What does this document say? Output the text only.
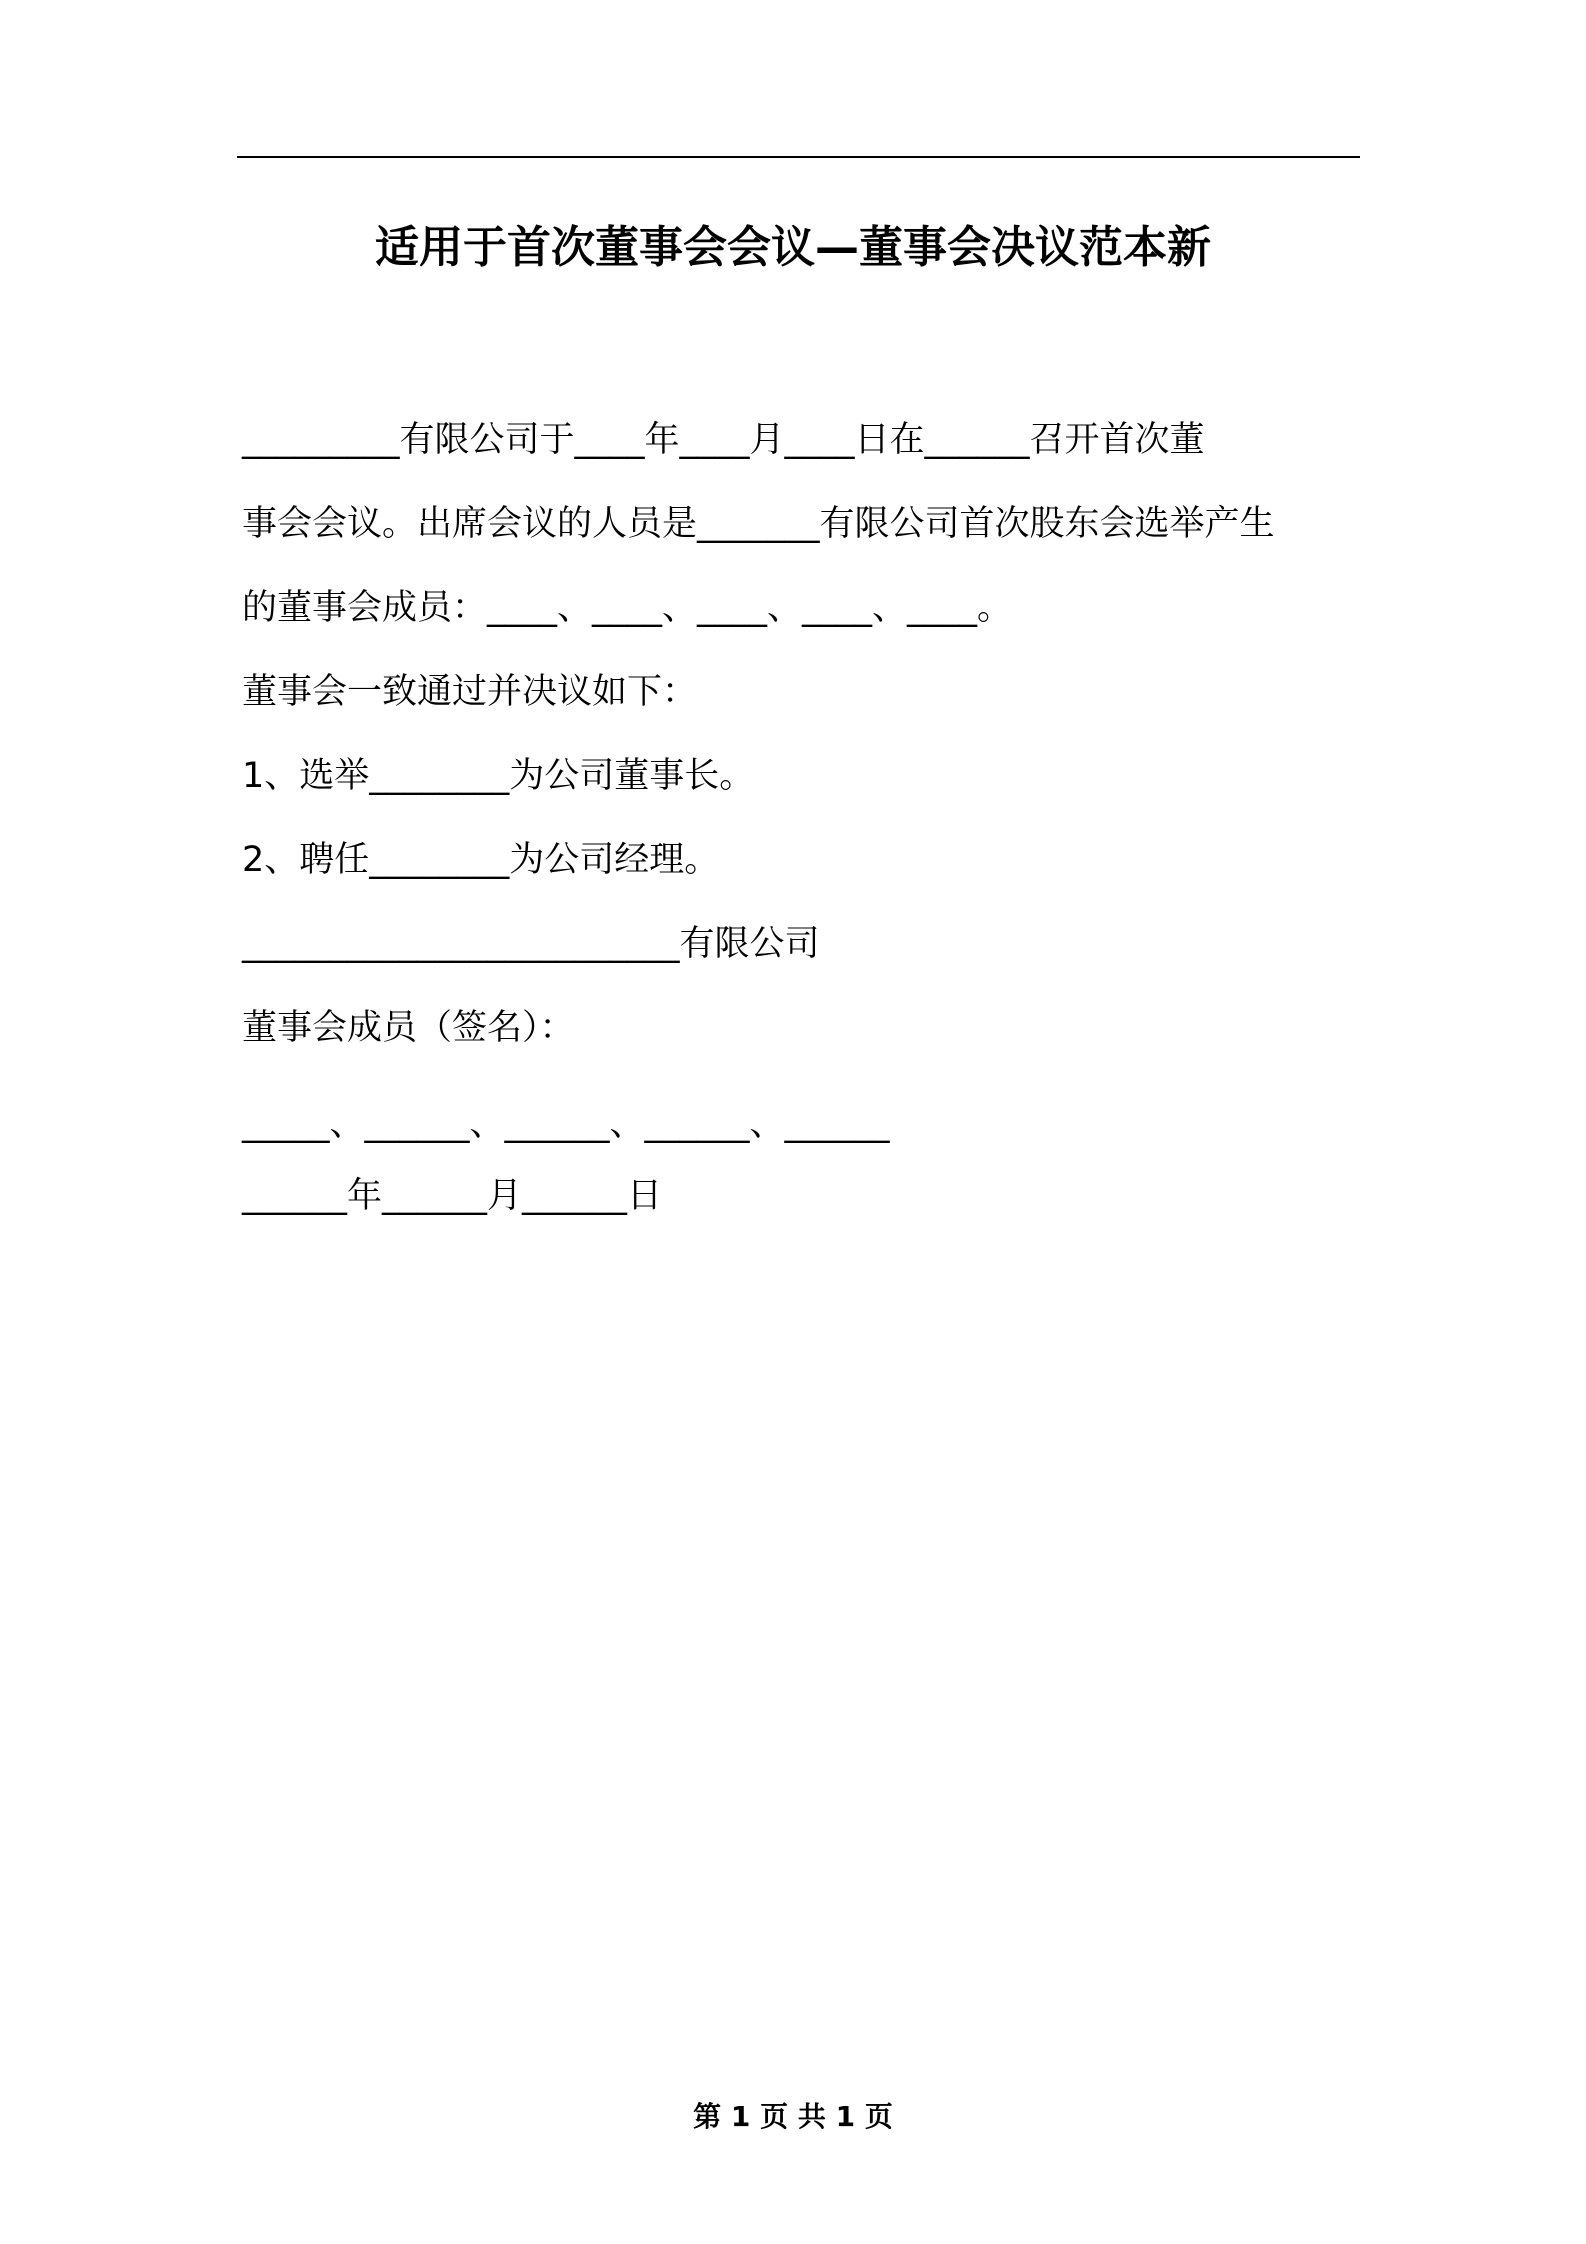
适用于首次董事会会议—董事会决议范本新
_________有限公司于____年____月____日在______召开首次董
事会会议。出席会议的人员是_______有限公司首次股东会选举产生
的董事会成员：____、____、____、____、____。
董事会一致通过并决议如下：
1、选举________为公司董事长。
2、聘任________为公司经理。
_________________________有限公司
董事会成员（签名）：
_____、______、______、______、______
______年______月______日
第 1 页 共 1 页
